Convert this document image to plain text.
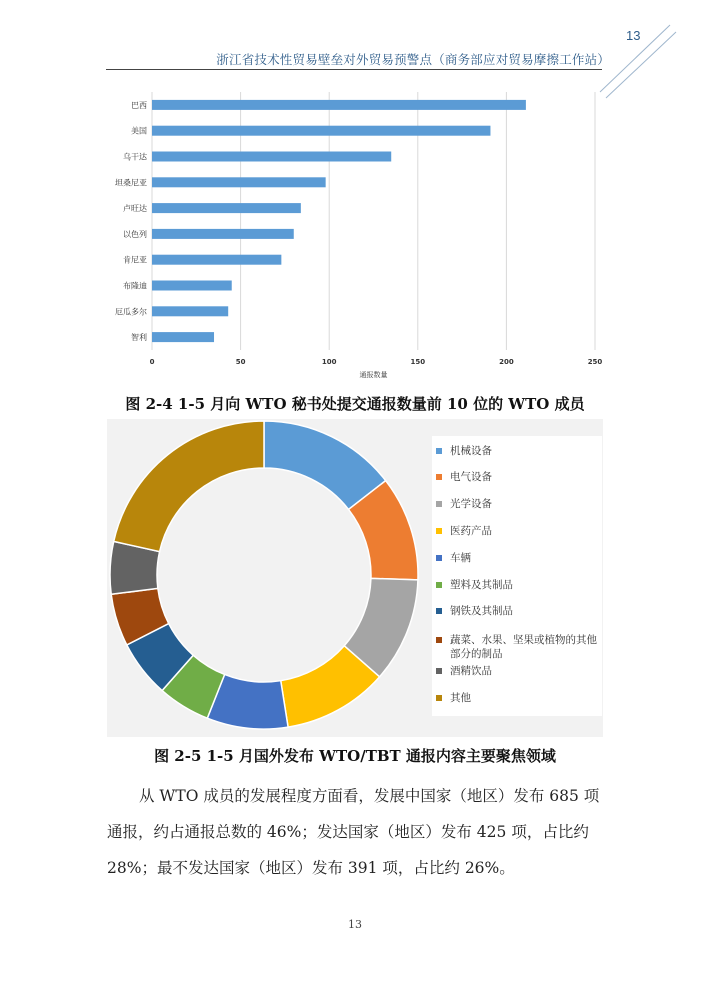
13
浙江省技术性贸易壁垒对外贸易预警点（商务部应对贸易摩擦工作站）
0	50	100	150	200	250
巴西
美国
乌干达
坦桑尼亚
卢旺达
以色列
肯尼亚
布隆迪
厄瓜多尔
智利
通报数量
图 2-4 1-5 月向 WTO 秘书处提交通报数量前 10 位的 WTO 成员
机械设备
电气设备
光学设备
医药产品
车辆
塑料及其制品
钢铁及其制品
蔬菜、水果、坚果或植物的其他部分的制品
酒精饮品
其他
图 2-5 1-5 月国外发布 WTO/TBT 通报内容主要聚焦领域
从 WTO 成员的发展程度方面看，发展中国家（地区）发布 685 项
通报，约占通报总数的 46%；发达国家（地区）发布 425 项，占比约
28%；最不发达国家（地区）发布 391 项，占比约 26%。
13
